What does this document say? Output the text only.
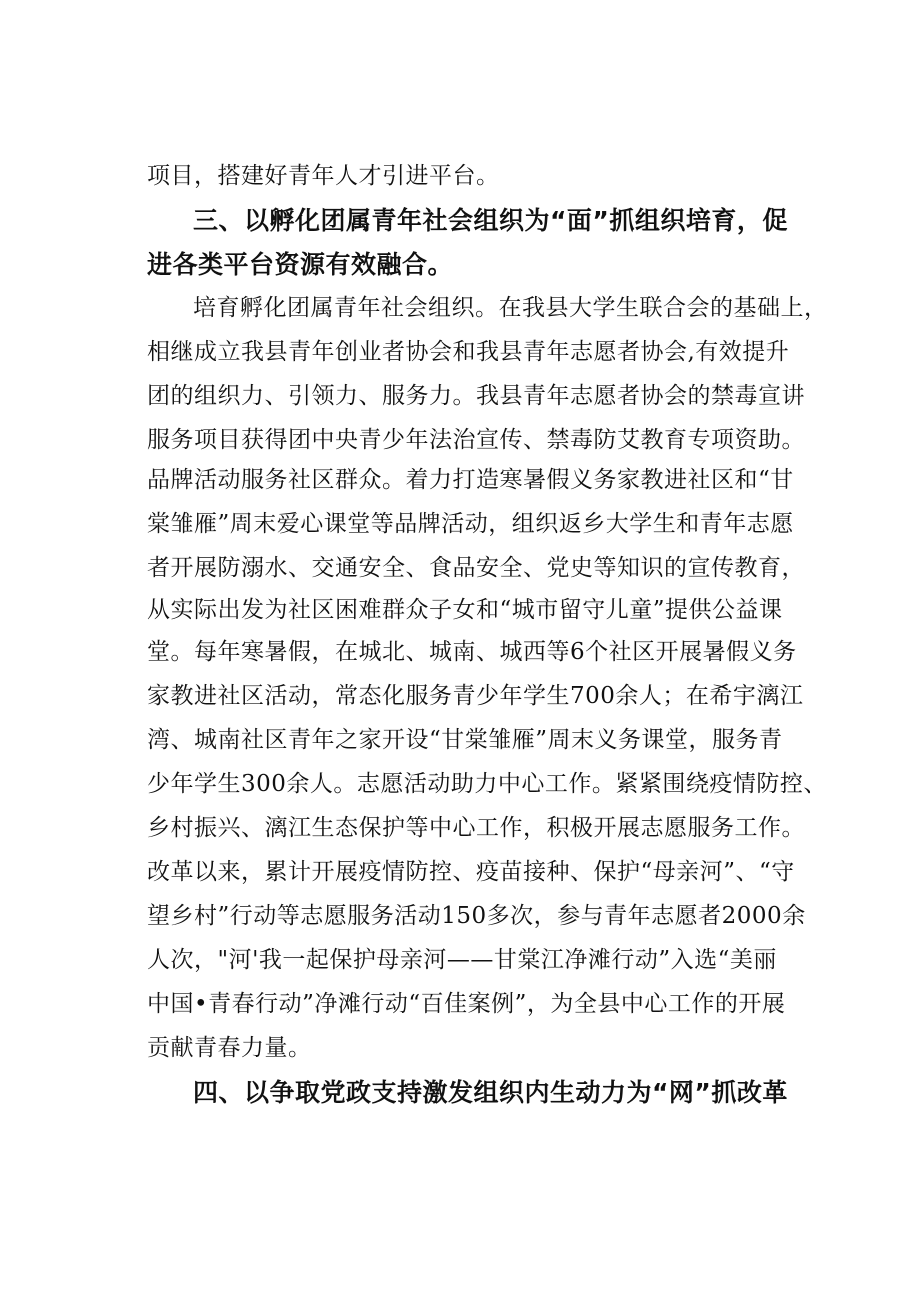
项目，搭建好青年人才引进平台。
三、以孵化团属青年社会组织为“面”抓组织培育，促
进各类平台资源有效融合。
培育孵化团属青年社会组织。在我县大学生联合会的基础上，
相继成立我县青年创业者协会和我县青年志愿者协会,有效提升
团的组织力、引领力、服务力。我县青年志愿者协会的禁毒宣讲
服务项目获得团中央青少年法治宣传、禁毒防艾教育专项资助。
品牌活动服务社区群众。着力打造寒暑假义务家教进社区和“甘
棠雏雁”周末爱心课堂等品牌活动，组织返乡大学生和青年志愿
者开展防溺水、交通安全、食品安全、党史等知识的宣传教育，
从实际出发为社区困难群众子女和“城市留守儿童”提供公益课
堂。每年寒暑假，在城北、城南、城西等6个社区开展暑假义务
家教进社区活动，常态化服务青少年学生700余人；在希宇漓江
湾、城南社区青年之家开设“甘棠雏雁”周末义务课堂，服务青
少年学生300余人。志愿活动助力中心工作。紧紧围绕疫情防控、
乡村振兴、漓江生态保护等中心工作，积极开展志愿服务工作。
改革以来，累计开展疫情防控、疫苗接种、保护“母亲河”、“守
望乡村”行动等志愿服务活动150多次，参与青年志愿者2000余
人次，"河'我一起保护母亲河——甘棠江净滩行动”入选“美丽
中国•青春行动”净滩行动“百佳案例”，为全县中心工作的开展
贡献青春力量。
四、以争取党政支持激发组织内生动力为“网”抓改革
